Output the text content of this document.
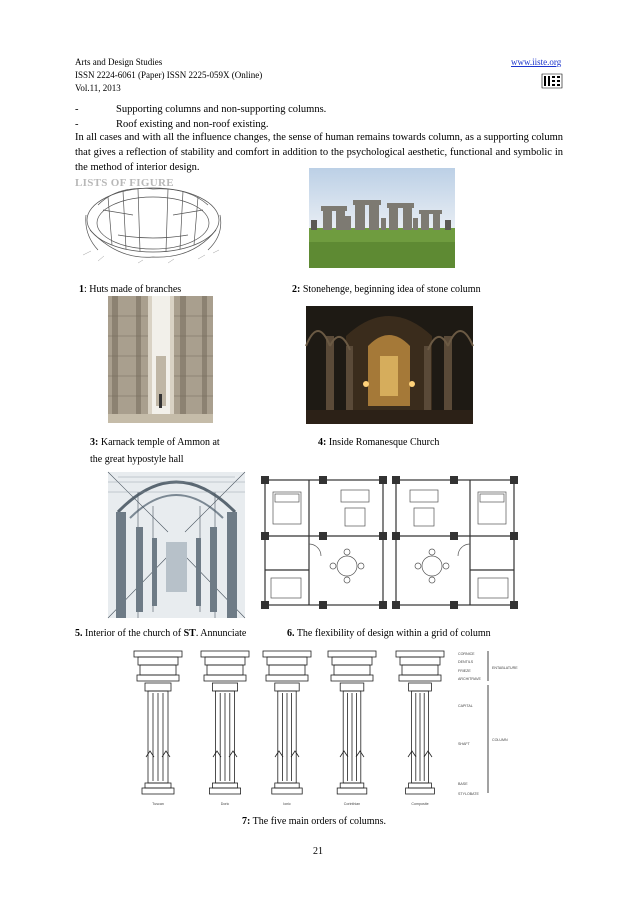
Arts and Design Studies
ISSN 2224-6061 (Paper) ISSN 2225-059X (Online)
Vol.11, 2013
www.iiste.org
-	Supporting columns and non-supporting columns.
-	Roof existing and non-roof existing.
In all cases and with all the influence changes, the sense of human remains towards column, as a supporting column that gives a reflection of stability and comfort in addition to the psychological aesthetic, functional and symbolic in the method of interior design.
LISTS OF FIGURE
1: Huts made of branches	2: Stonehenge, beginning idea of stone column
3: Karnack temple of Ammon at
the great hypostyle hall
4: Inside Romanesque Church
5. Interior of the church of ST. Annunciate	6. The flexibility of design within a grid of column
Tuscan	Doric	Ionic	Corinthian	Composite
CORNICE
DENTILS
FRIEZE
ARCHITRAVE
CAPITAL
SHAFT
BASE
STYLOBATE
ENTABLATURE
COLUMN
7: The five main orders of columns.
21
